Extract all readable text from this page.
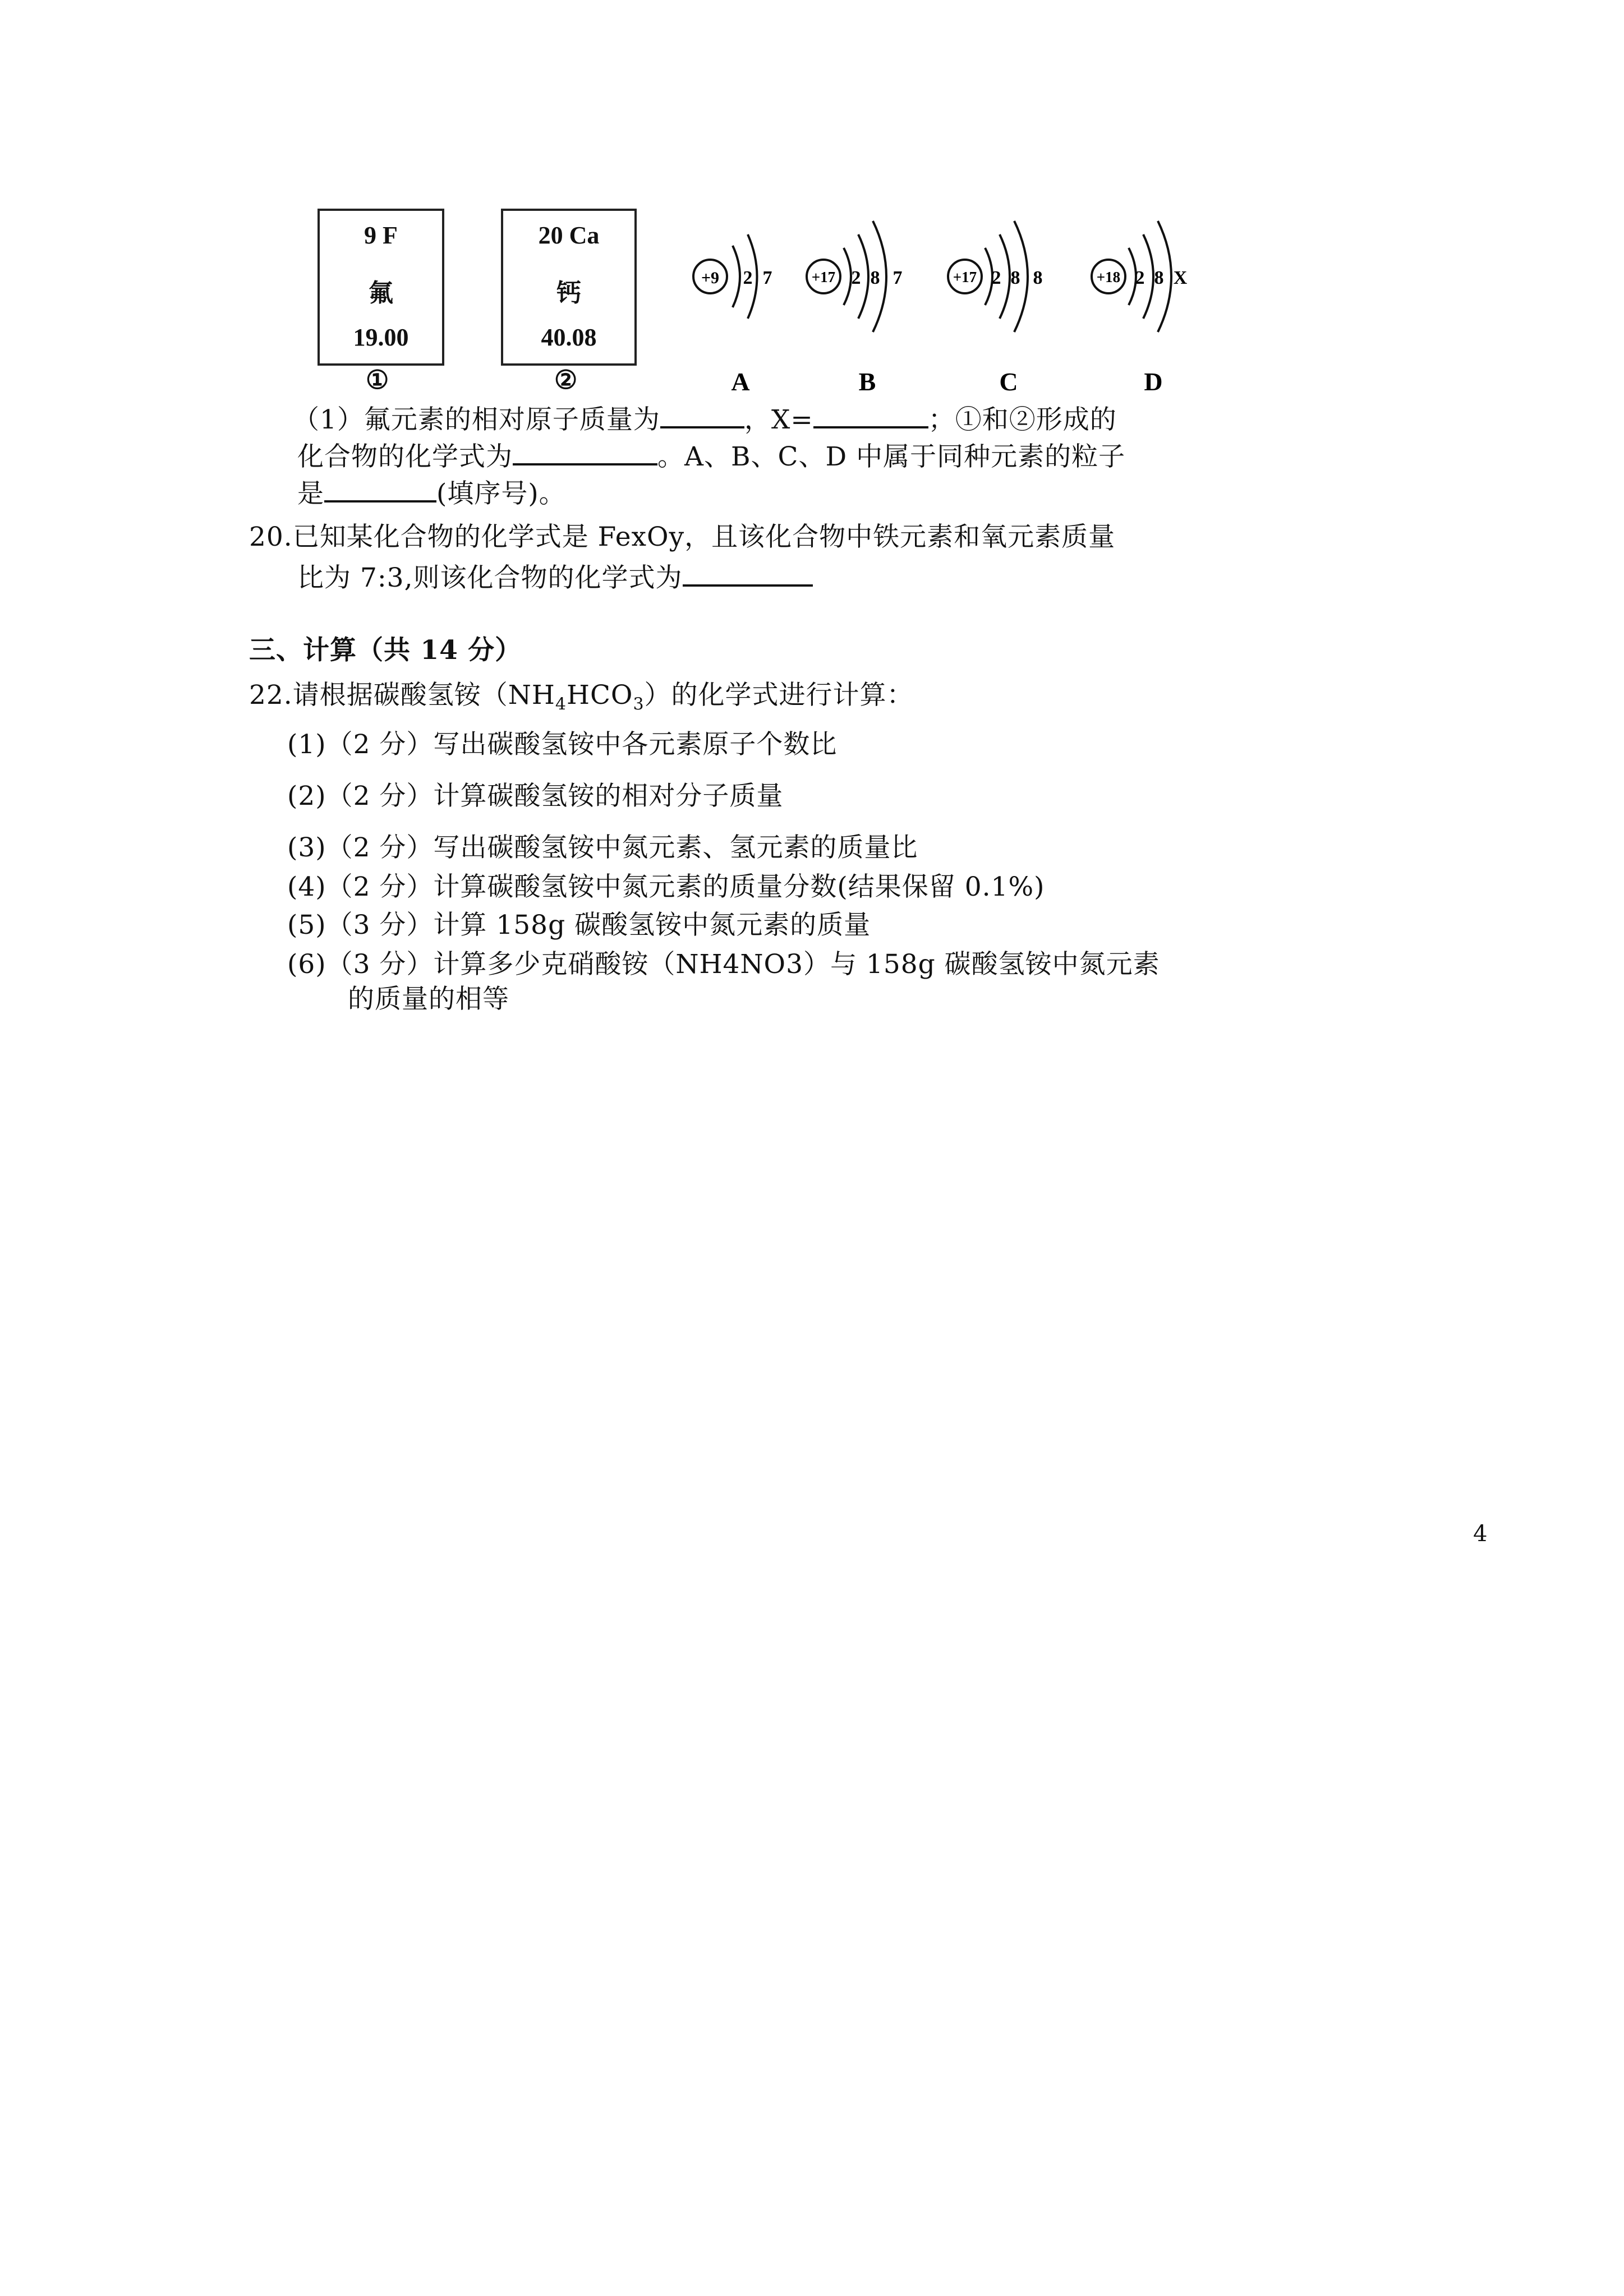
9 F
氟
19.00
①
20 Ca
钙
40.08
②
+9 2 7
A
+17 2 8 7
B
+17 2 8 8
C
+18 2 8 X
D
（1）氟元素的相对原子质量为	，X=	；①和②形成的
化合物的化学式为	。A、B、C、D 中属于同种元素的粒子
是	(填序号)。
20.已知某化合物的化学式是 FexOy，且该化合物中铁元素和氧元素质量
比为 7:3,则该化合物的化学式为
三、计算（共 14 分）
22.请根据碳酸氢铵$(NH_4HCO_3)$的化学式进行计算：
(1)（2 分）写出碳酸氢铵中各元素原子个数比
(2)（2 分）计算碳酸氢铵的相对分子质量
(3)（2 分）写出碳酸氢铵中氮元素、氢元素的质量比
(4)（2 分）计算碳酸氢铵中氮元素的质量分数(结果保留 0.1%)
(5)（3 分）计算 158g 碳酸氢铵中氮元素的质量
(6)（3 分）计算多少克硝酸铵（NH4NO3）与 158g 碳酸氢铵中氮元素
的质量的相等
4
